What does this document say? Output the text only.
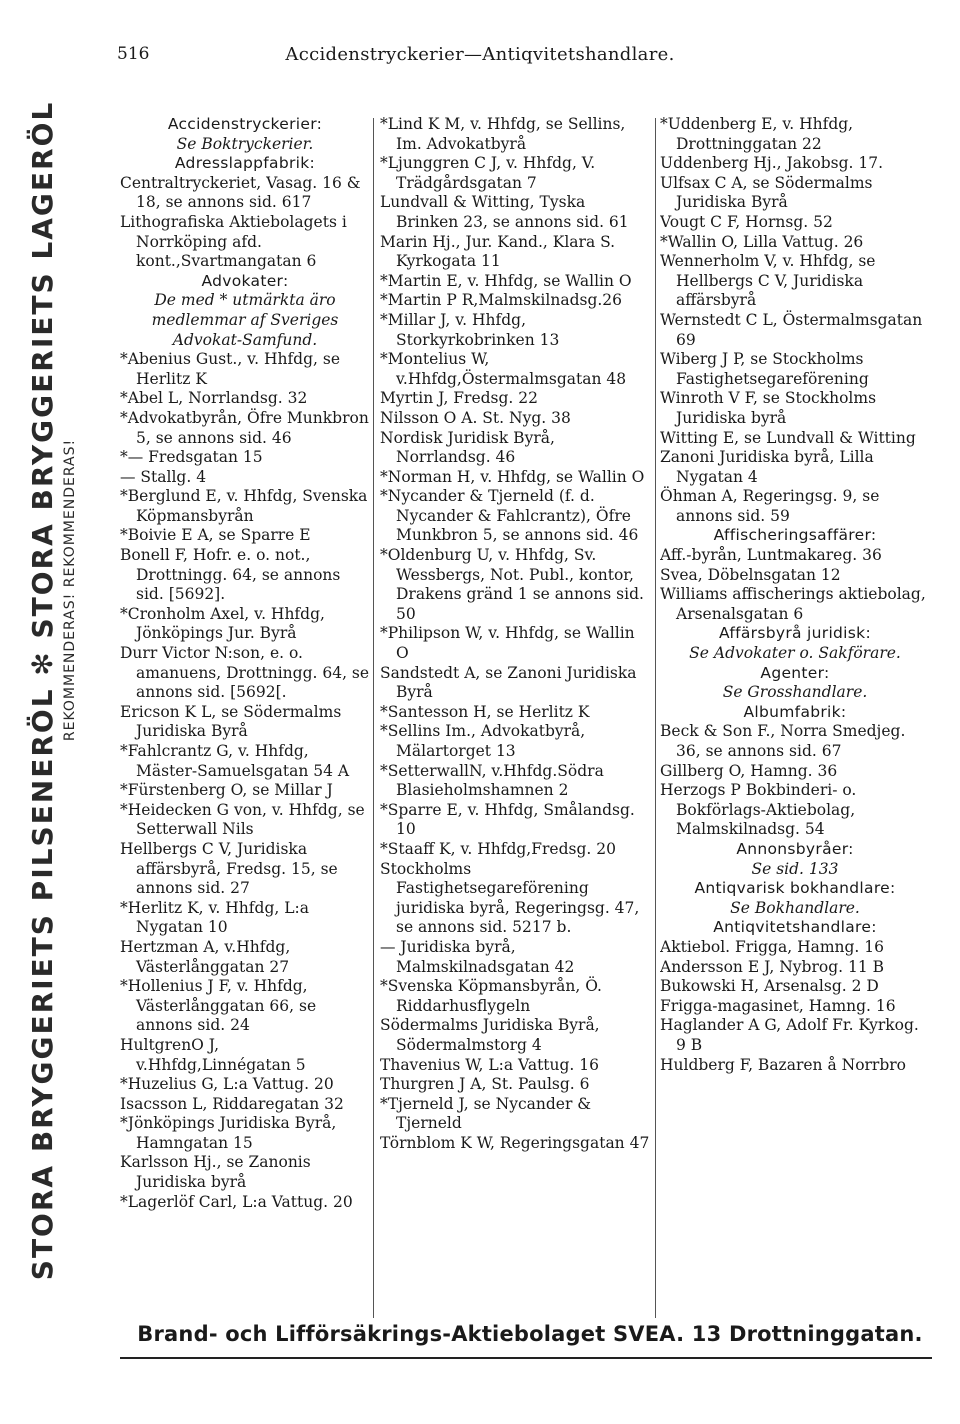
516	Accidenstryckerier—Antiqvitetshandlare.
STORA BRYGGERIETS PILSENERÖL ✻ STORA BRYGGERIETS LAGERÖL REKOMMENDERAS! REKOMMENDERAS!

Accidenstryckerier:

Se Boktryckerier.

Adresslappfabrik:

Centraltryckeriet, Vasag. 16 & 18, se annons sid. 617

Lithografiska Aktiebolagets i Norrköping afd. kont.,Svartmangatan 6

Advokater:

De med * utmärkta äro medlemmar af Sveriges Advokat-Samfund.

*Abenius Gust., v. Hhfdg, se Herlitz K

*Abel L, Norrlandsg. 32

*Advokatbyrån, Öfre Munkbron 5, se annons sid. 46

*— Fredsgatan 15

— Stallg. 4

*Berglund E, v. Hhfdg, Svenska Köpmansbyrån

*Boivie E A, se Sparre E

Bonell F, Hofr. e. o. not., Drottningg. 64, se annons sid. [5692].

*Cronholm Axel, v. Hhfdg, Jönköpings Jur. Byrå

Durr Victor N:son, e. o. amanuens, Drottningg. 64, se annons sid. [5692[.

Ericson K L, se Södermalms Juridiska Byrå

*Fahlcrantz G, v. Hhfdg, Mäster-Samuelsgatan 54 A

*Fürstenberg O, se Millar J

*Heidecken G von, v. Hhfdg, se Setterwall Nils

Hellbergs C V, Juridiska affärsbyrå, Fredsg. 15, se annons sid. 27

*Herlitz K, v. Hhfdg, L:a Nygatan 10

Hertzman A, v.Hhfdg, Västerlånggatan 27

*Hollenius J F, v. Hhfdg, Västerlånggatan 66, se annons sid. 24

HultgrenO J, v.Hhfdg,Linnégatan 5

*Huzelius G, L:a Vattug. 20

Isacsson L, Riddaregatan 32

*Jönköpings Juridiska Byrå, Hamngatan 15

Karlsson Hj., se Zanonis Juridiska byrå

*Lagerlöf Carl, L:a Vattug. 20

*Lind K M, v. Hhfdg, se Sellins, Im. Advokatbyrå

*Ljunggren C J, v. Hhfdg, V. Trädgårdsgatan 7

Lundvall & Witting, Tyska Brinken 23, se annons sid. 61

Marin Hj., Jur. Kand., Klara S. Kyrkogata 11

*Martin E, v. Hhfdg, se Wallin O

*Martin P R,Malmskilnadsg.26

*Millar J, v. Hhfdg, Storkyrkobrinken 13

*Montelius W, v.Hhfdg,Östermalmsgatan 48

Myrtin J, Fredsg. 22

Nilsson O A. St. Nyg. 38

Nordisk Juridisk Byrå, Norrlandsg. 46

*Norman H, v. Hhfdg, se Wallin O

*Nycander & Tjerneld (f. d. Nycander & Fahlcrantz), Öfre Munkbron 5, se annons sid. 46

*Oldenburg U, v. Hhfdg, Sv. Wessbergs, Not. Publ., kontor, Drakens gränd 1 se annons sid. 50

*Philipson W, v. Hhfdg, se Wallin O

Sandstedt A, se Zanoni Juridiska Byrå

*Santesson H, se Herlitz K

*Sellins Im., Advokatbyrå, Mälartorget 13

*SetterwallN, v.Hhfdg.Södra Blasieholmshamnen 2

*Sparre E, v. Hhfdg, Smålandsg. 10

*Staaff K, v. Hhfdg,Fredsg. 20

Stockholms Fastighetsegareförening juridiska byrå, Regeringsg. 47, se annons sid. 5217 b.

— Juridiska byrå, Malmskilnadsgatan 42

*Svenska Köpmansbyrån, Ö. Riddarhusflygeln

Södermalms Juridiska Byrå, Södermalmstorg 4

Thavenius W, L:a Vattug. 16

Thurgren J A, St. Paulsg. 6

*Tjerneld J, se Nycander & Tjerneld

Törnblom K W, Regeringsgatan 47

*Uddenberg E, v. Hhfdg, Drottninggatan 22

Uddenberg Hj., Jakobsg. 17.

Ulfsax C A, se Södermalms Juridiska Byrå

Vougt C F, Hornsg. 52

*Wallin O, Lilla Vattug. 26

Wennerholm V, v. Hhfdg, se Hellbergs C V, Juridiska affärsbyrå

Wernstedt C L, Östermalmsgatan 69

Wiberg J P, se Stockholms Fastighetsegareförening

Winroth V F, se Stockholms Juridiska byrå

Witting E, se Lundvall & Witting

Zanoni Juridiska byrå, Lilla Nygatan 4

Öhman A, Regeringsg. 9, se annons sid. 59

Affischeringsaffärer:

Aff.-byrån, Luntmakareg. 36

Svea, Döbelnsgatan 12

Williams affischerings aktiebolag, Arsenalsgatan 6

Affärsbyrå juridisk:

Se Advokater o. Sakförare.

Agenter:

Se Grosshandlare.

Albumfabrik:

Beck & Son F., Norra Smedjeg. 36, se annons sid. 67

Gillberg O, Hamng. 36

Herzogs P Bokbinderi- o. Bokförlags-Aktiebolag, Malmskilnadsg. 54

Annonsbyråer:

Se sid. 133

Antiqvarisk bokhandlare:

Se Bokhandlare.

Antiqvitetshandlare:

Aktiebol. Frigga, Hamng. 16

Andersson E J, Nybrog. 11 B

Bukowski H, Arsenalsg. 2 D

Frigga-magasinet, Hamng. 16

Haglander A G, Adolf Fr. Kyrkog. 9 B

Huldberg F, Bazaren å Norrbro

Brand- och Lifförsäkrings-Aktiebolaget SVEA. 13 Drottninggatan.
